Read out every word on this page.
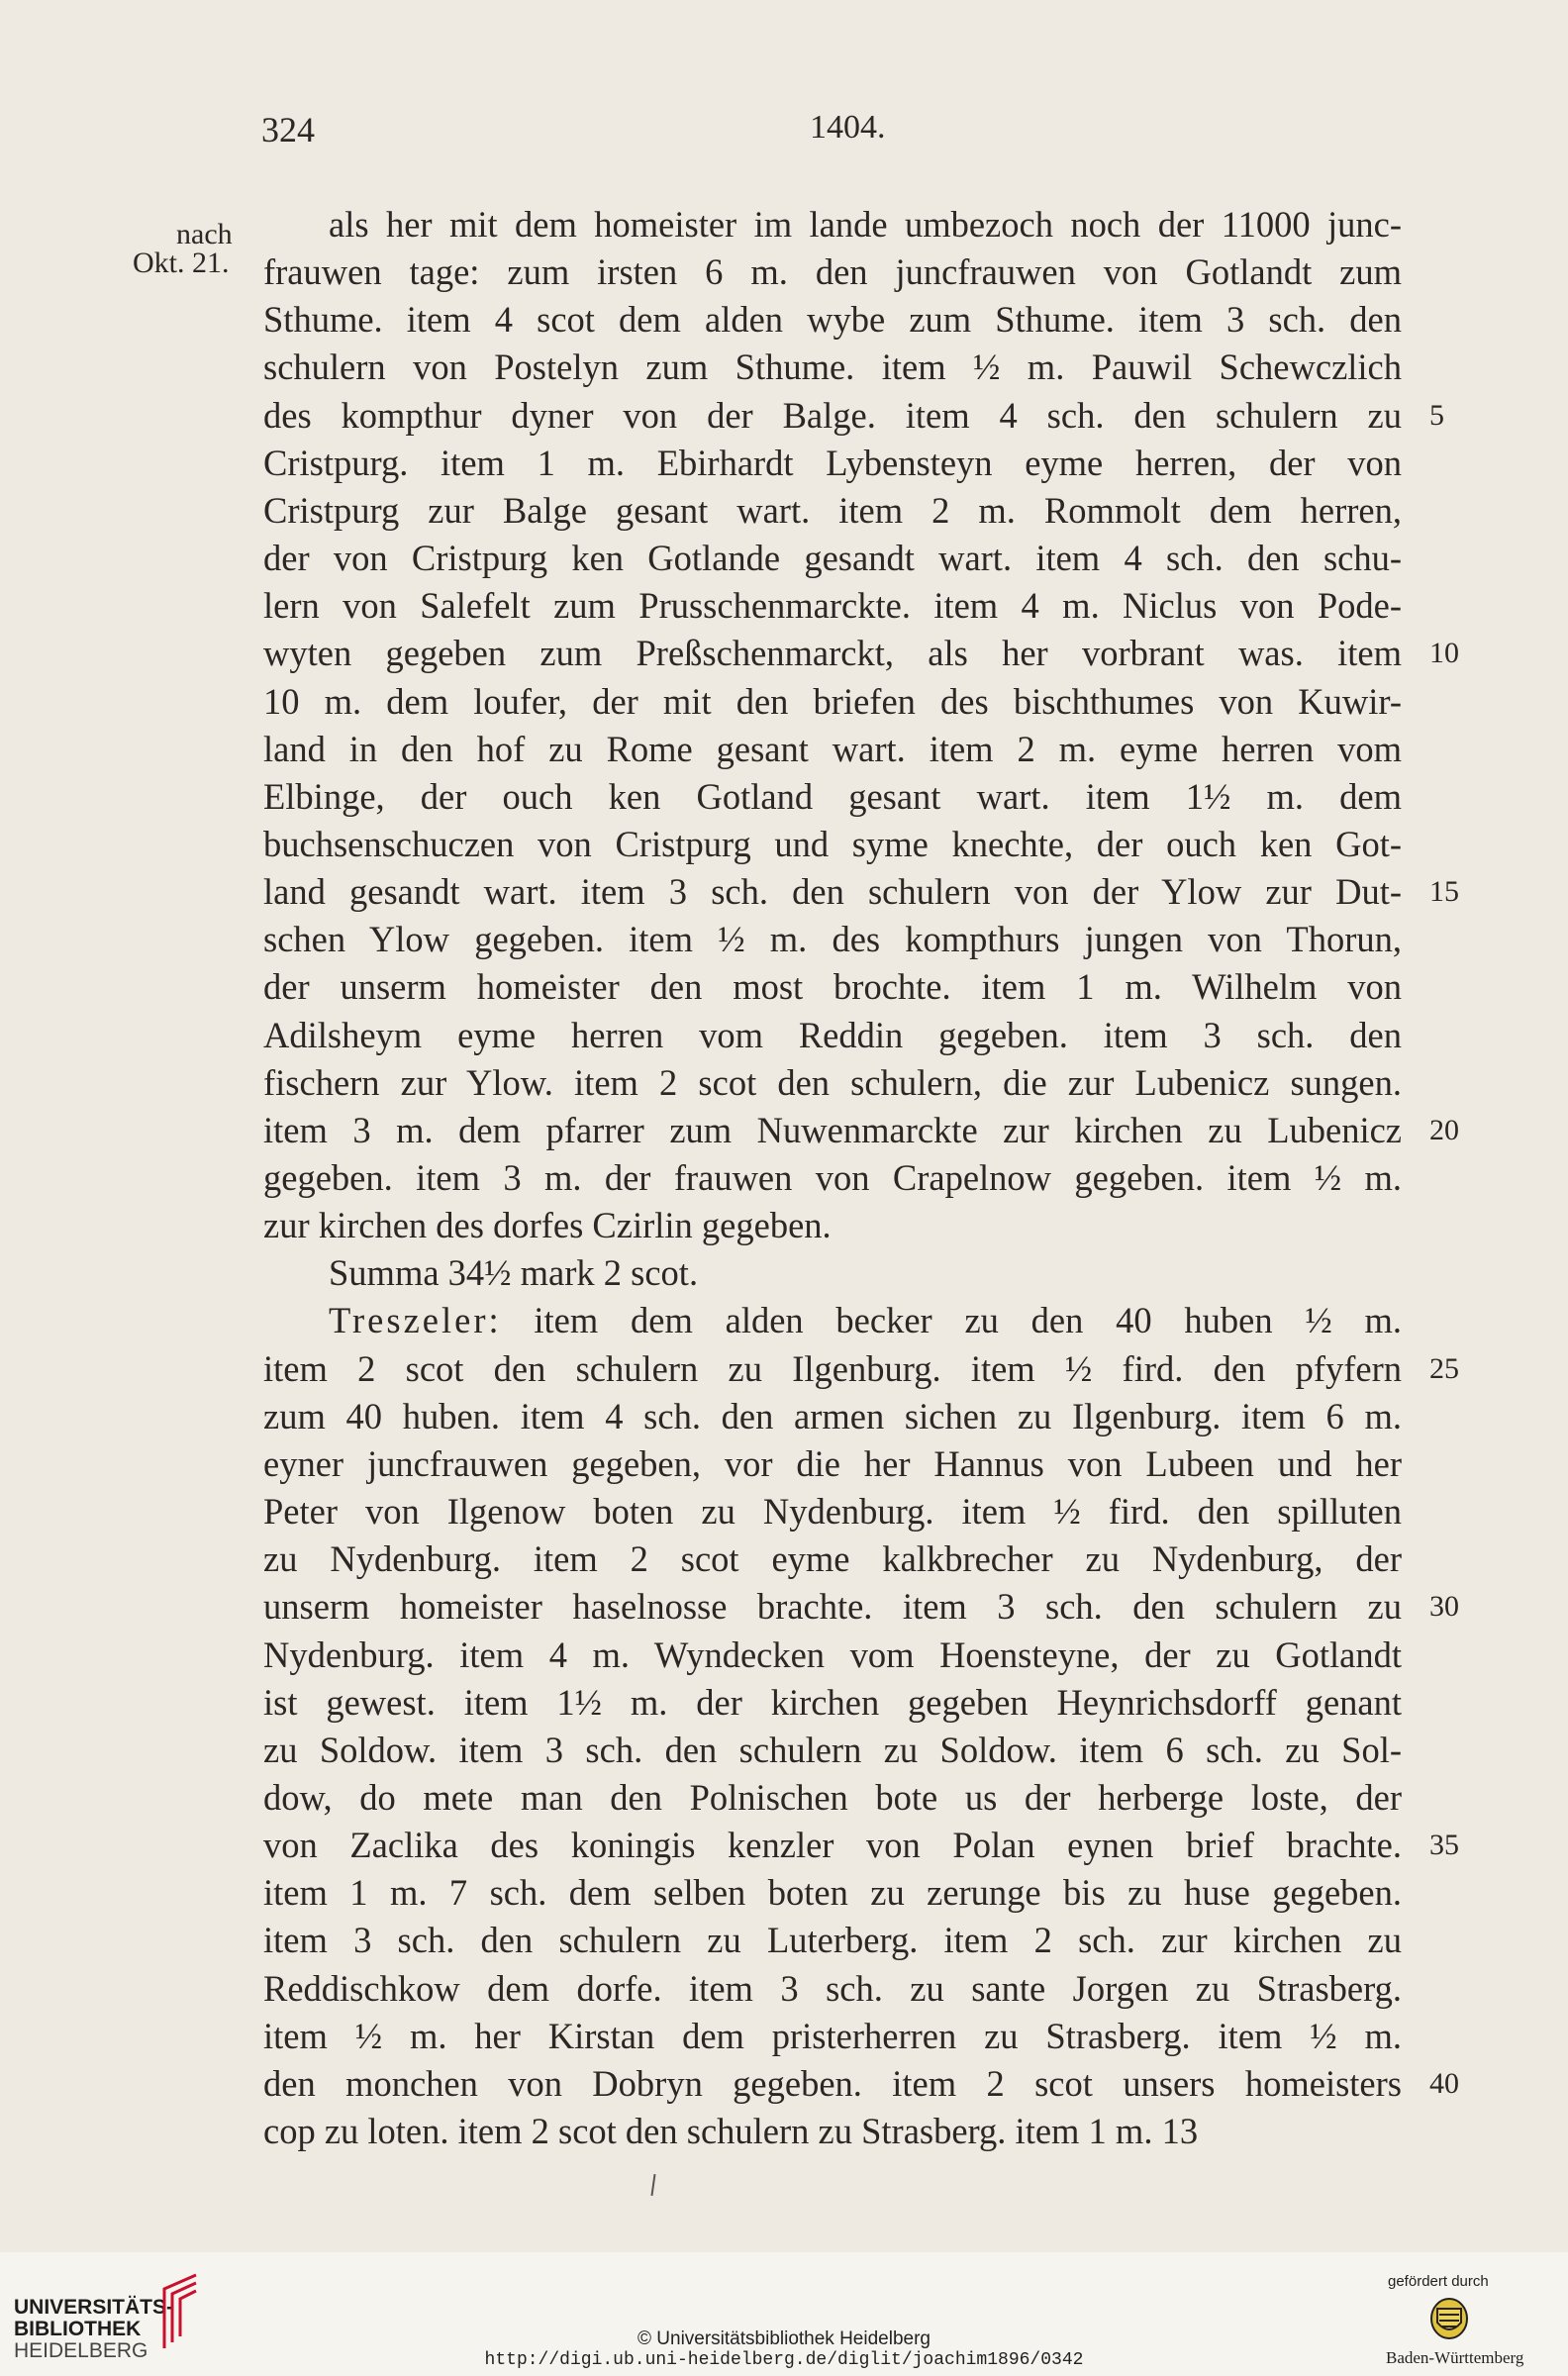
324	1404.
nach
Okt. 21.
als her mit dem homeister im lande umbezoch noch der 11000 junc-
frauwen tage: zum irsten 6 m. den juncfrauwen von Gotlandt zum
Sthume. item 4 scot dem alden wybe zum Sthume. item 3 sch. den
schulern von Postelyn zum Sthume. item ½ m. Pauwil Schewczlich
des kompthur dyner von der Balge. item 4 sch. den schulern zu
Cristpurg. item 1 m. Ebirhardt Lybensteyn eyme herren, der von
Cristpurg zur Balge gesant wart. item 2 m. Rommolt dem herren,
der von Cristpurg ken Gotlande gesandt wart. item 4 sch. den schu-
lern von Salefelt zum Prusschenmarckte. item 4 m. Niclus von Pode-
wyten gegeben zum Preßschenmarckt, als her vorbrant was. item
10 m. dem loufer, der mit den briefen des bischthumes von Kuwir-
land in den hof zu Rome gesant wart. item 2 m. eyme herren vom
Elbinge, der ouch ken Gotland gesant wart. item 1½ m. dem
buchsenschuczen von Cristpurg und syme knechte, der ouch ken Got-
land gesandt wart. item 3 sch. den schulern von der Ylow zur Dut-
schen Ylow gegeben. item ½ m. des kompthurs jungen von Thorun,
der unserm homeister den most brochte. item 1 m. Wilhelm von
Adilsheym eyme herren vom Reddin gegeben. item 3 sch. den
fischern zur Ylow. item 2 scot den schulern, die zur Lubenicz sungen.
item 3 m. dem pfarrer zum Nuwenmarckte zur kirchen zu Lubenicz
gegeben. item 3 m. der frauwen von Crapelnow gegeben. item ½ m.
zur kirchen des dorfes Czirlin gegeben.
Summa 34½ mark 2 scot.
Treszeler: item dem alden becker zu den 40 huben ½ m.
item 2 scot den schulern zu Ilgenburg. item ½ fird. den pfyfern
zum 40 huben. item 4 sch. den armen sichen zu Ilgenburg. item 6 m.
eyner juncfrauwen gegeben, vor die her Hannus von Lubeen und her
Peter von Ilgenow boten zu Nydenburg. item ½ fird. den spilluten
zu Nydenburg. item 2 scot eyme kalkbrecher zu Nydenburg, der
unserm homeister haselnosse brachte. item 3 sch. den schulern zu
Nydenburg. item 4 m. Wyndecken vom Hoensteyne, der zu Gotlandt
ist gewest. item 1½ m. der kirchen gegeben Heynrichsdorff genant
zu Soldow. item 3 sch. den schulern zu Soldow. item 6 sch. zu Sol-
dow, do mete man den Polnischen bote us der herberge loste, der
von Zaclika des koningis kenzler von Polan eynen brief brachte.
item 1 m. 7 sch. dem selben boten zu zerunge bis zu huse gegeben.
item 3 sch. den schulern zu Luterberg. item 2 sch. zur kirchen zu
Reddischkow dem dorfe. item 3 sch. zu sante Jorgen zu Strasberg.
item ½ m. her Kirstan dem pristerherren zu Strasberg. item ½ m.
den monchen von Dobryn gegeben. item 2 scot unsers homeisters
cop zu loten. item 2 scot den schulern zu Strasberg. item 1 m. 13
5
10
15
20
25
30
35
40
UNIVERSITÄTS-
BIBLIOTHEK
HEIDELBERG
© Universitätsbibliothek Heidelberg
http://digi.ub.uni-heidelberg.de/diglit/joachim1896/0342
gefördert durch
Baden-Württemberg
